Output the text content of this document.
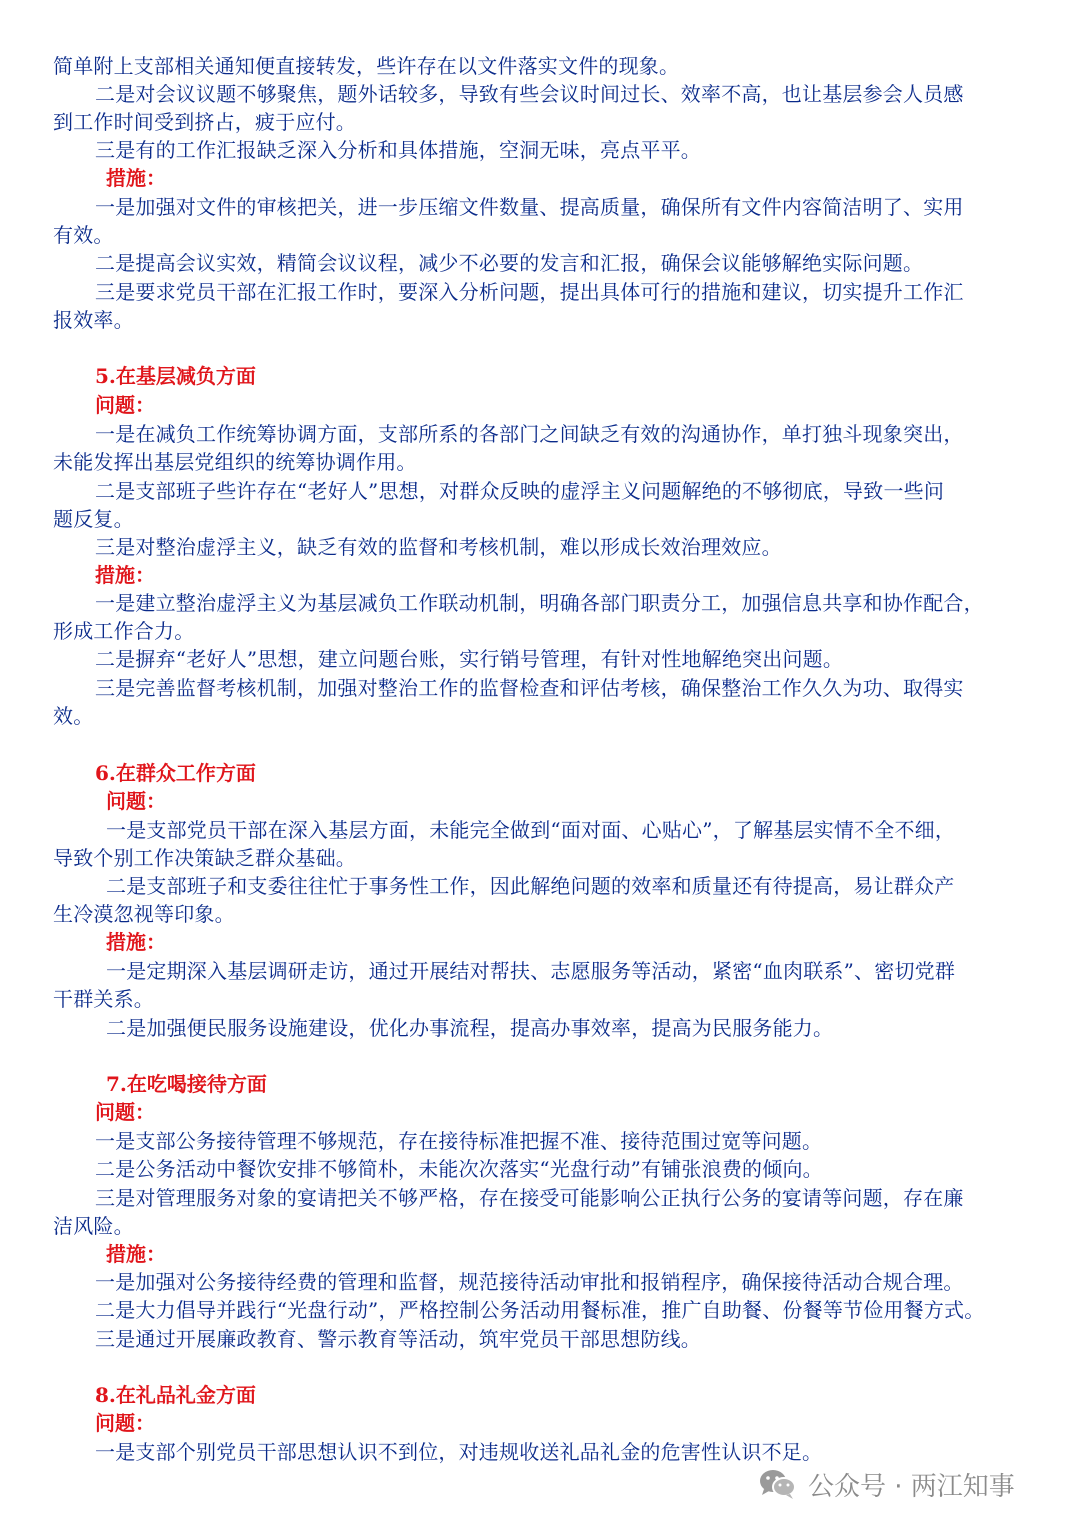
简单附上支部相关通知便直接转发，些许存在以文件落实文件的现象。
二是对会议议题不够聚焦，题外话较多，导致有些会议时间过长、效率不高，也让基层参会人员感
到工作时间受到挤占，疲于应付。
三是有的工作汇报缺乏深入分析和具体措施，空洞无味，亮点平平。
措施：
一是加强对文件的审核把关，进一步压缩文件数量、提高质量，确保所有文件内容简洁明了、实用
有效。
二是提高会议实效，精简会议议程，减少不必要的发言和汇报，确保会议能够解绝实际问题。
三是要求党员干部在汇报工作时，要深入分析问题，提出具体可行的措施和建议，切实提升工作汇
报效率。
5.在基层减负方面
问题：
一是在减负工作统筹协调方面，支部所系的各部门之间缺乏有效的沟通协作，单打独斗现象突出，
未能发挥出基层党组织的统筹协调作用。
二是支部班子些许存在“老好人”思想，对群众反映的虚浮主义问题解绝的不够彻底，导致一些问
题反复。
三是对整治虚浮主义，缺乏有效的监督和考核机制，难以形成长效治理效应。
措施：
一是建立整治虚浮主义为基层减负工作联动机制，明确各部门职责分工，加强信息共享和协作配合，
形成工作合力。
二是摒弃“老好人”思想，建立问题台账，实行销号管理，有针对性地解绝突出问题。
三是完善监督考核机制，加强对整治工作的监督检查和评估考核，确保整治工作久久为功、取得实
效。
6.在群众工作方面
问题：
一是支部党员干部在深入基层方面，未能完全做到“面对面、心贴心”，了解基层实情不全不细，
导致个别工作决策缺乏群众基础。
二是支部班子和支委往往忙于事务性工作，因此解绝问题的效率和质量还有待提高，易让群众产
生冷漠忽视等印象。
措施：
一是定期深入基层调研走访，通过开展结对帮扶、志愿服务等活动，紧密“血肉联系”、密切党群
干群关系。
二是加强便民服务设施建设，优化办事流程，提高办事效率，提高为民服务能力。
7.在吃喝接待方面
问题：
一是支部公务接待管理不够规范，存在接待标准把握不准、接待范围过宽等问题。
二是公务活动中餐饮安排不够简朴，未能次次落实“光盘行动”有铺张浪费的倾向。
三是对管理服务对象的宴请把关不够严格，存在接受可能影响公正执行公务的宴请等问题，存在廉
洁风险。
措施：
一是加强对公务接待经费的管理和监督，规范接待活动审批和报销程序，确保接待活动合规合理。
二是大力倡导并践行“光盘行动”，严格控制公务活动用餐标准，推广自助餐、份餐等节俭用餐方式。
三是通过开展廉政教育、警示教育等活动，筑牢党员干部思想防线。
8.在礼品礼金方面
问题：
一是支部个别党员干部思想认识不到位，对违规收送礼品礼金的危害性认识不足。
公众号 · 两江知事
